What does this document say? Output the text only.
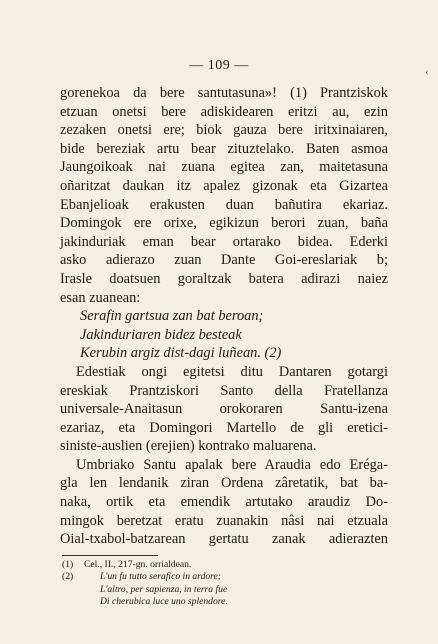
— 109 —	‹
gorenekoa da bere santutasuna»! (1) Prantziskok
etzuan onetsi bere adiskidearen eritzi au, ezin
zezaken onetsi ere; biok gauza bere iritxinaiaren,
bide bereziak artu bear zituztelako. Baten asmoa
Jaungoikoak nai zuana egitea zan, maitetasuna
oñaritzat daukan itz apalez gizonak eta Gizartea
Ebanjelioak erakusten duan bañutira ekariaz.
Domingok ere orixe, egikizun berori zuan, baña
jakinduriak eman bear ortarako bidea. Ederki
asko adierazo zuan Dante Goi-ereslariak b;
Irasle doatsuen goraltzak batera adirazi naiez
esan zuanean:
Serafin gartsua zan bat beroan;
Jakinduriaren bidez besteak
Kerubin argiz dist-dagi luñean. (2)
Edestiak ongi egitetsi ditu Dantaren gotargi
ereskiak Prantziskori Santo della Fratellanza
universale-Anaitasun orokoraren Santu-izena
ezariaz, eta Domingori Martello de gli eretici-
siniste-auslien (erejien) kontrako maluarena.
Umbriako Santu apalak bere Araudia edo Eréga-
gla len lendanik ziran Ordena zâretatik, bat ba-
naka, ortik eta emendik artutako araudiz Do-
mingok beretzat eratu zuanakin nâsi nai etzuala
Oial-txabol-batzarean gertatu zanak adierazten
(1)	Cel., II., 217-gn. orrialdean.
(2)	L'un fu tutto serafico in ardore;
L'altro, per sapienza, in terra fue
Di cherubica luce uno splendore.
